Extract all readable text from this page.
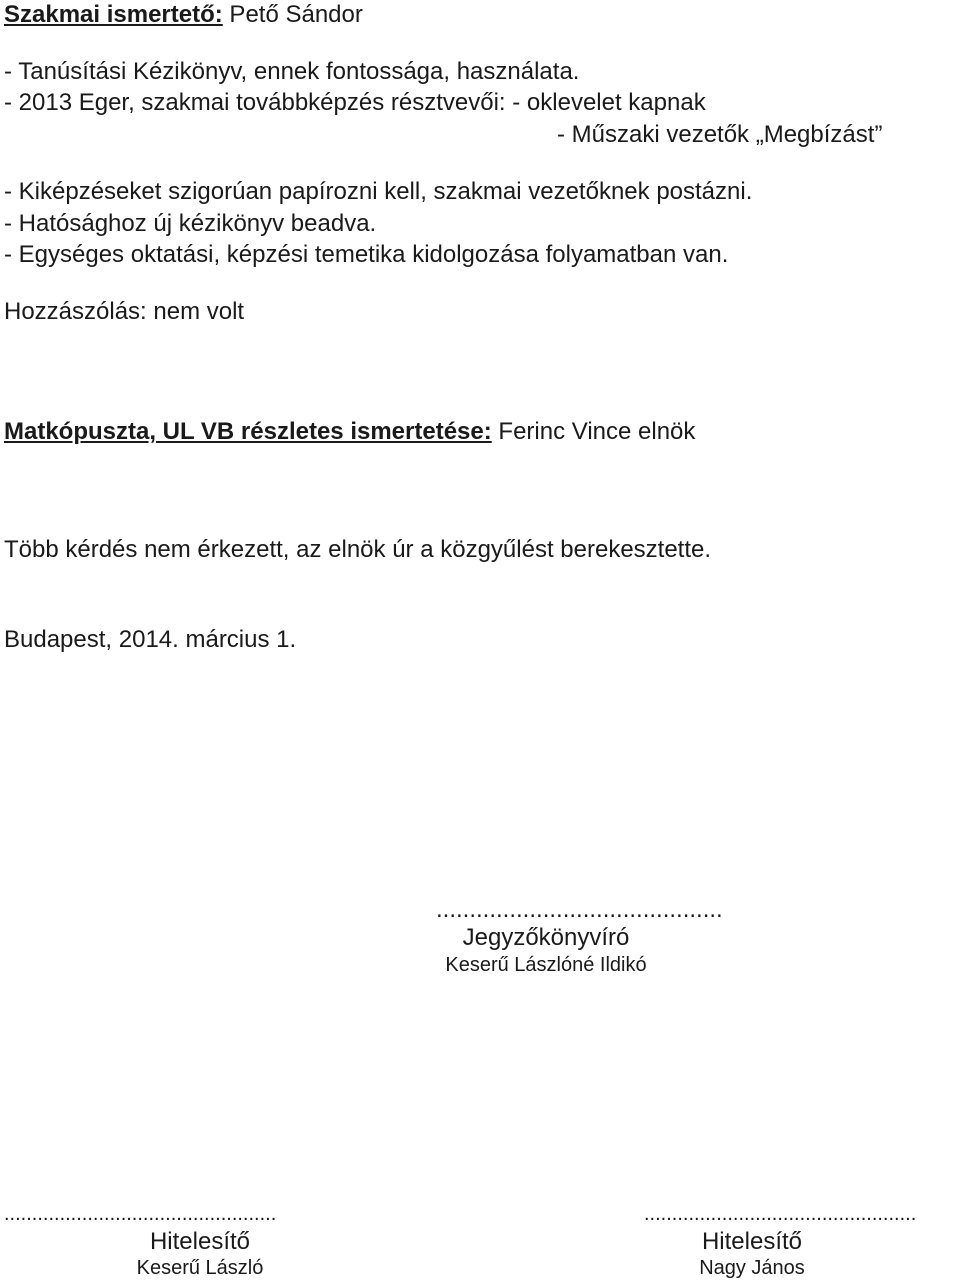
Szakmai ismertető: Pető Sándor
- Tanúsítási Kézikönyv, ennek fontossága, használata.
- 2013 Eger, szakmai továbbképzés résztvevői: - oklevelet kapnak
- Műszaki vezetők „Megbízást”
- Kiképzéseket szigorúan papírozni kell, szakmai vezetőknek postázni.
- Hatósághoz új kézikönyv beadva.
- Egységes oktatási, képzési temetika kidolgozása folyamatban van.
Hozzászólás: nem volt
Matkópuszta, UL VB részletes ismertetése: Ferinc Vince elnök
Több kérdés nem érkezett, az elnök úr a közgyűlést berekesztette.
Budapest, 2014. március 1.
...........................................
Jegyzőkönyvíró
Keserű Lászlóné Ildikó
.................................................
Hitelesítő
Keserű László
.................................................
Hitelesítő
Nagy János
